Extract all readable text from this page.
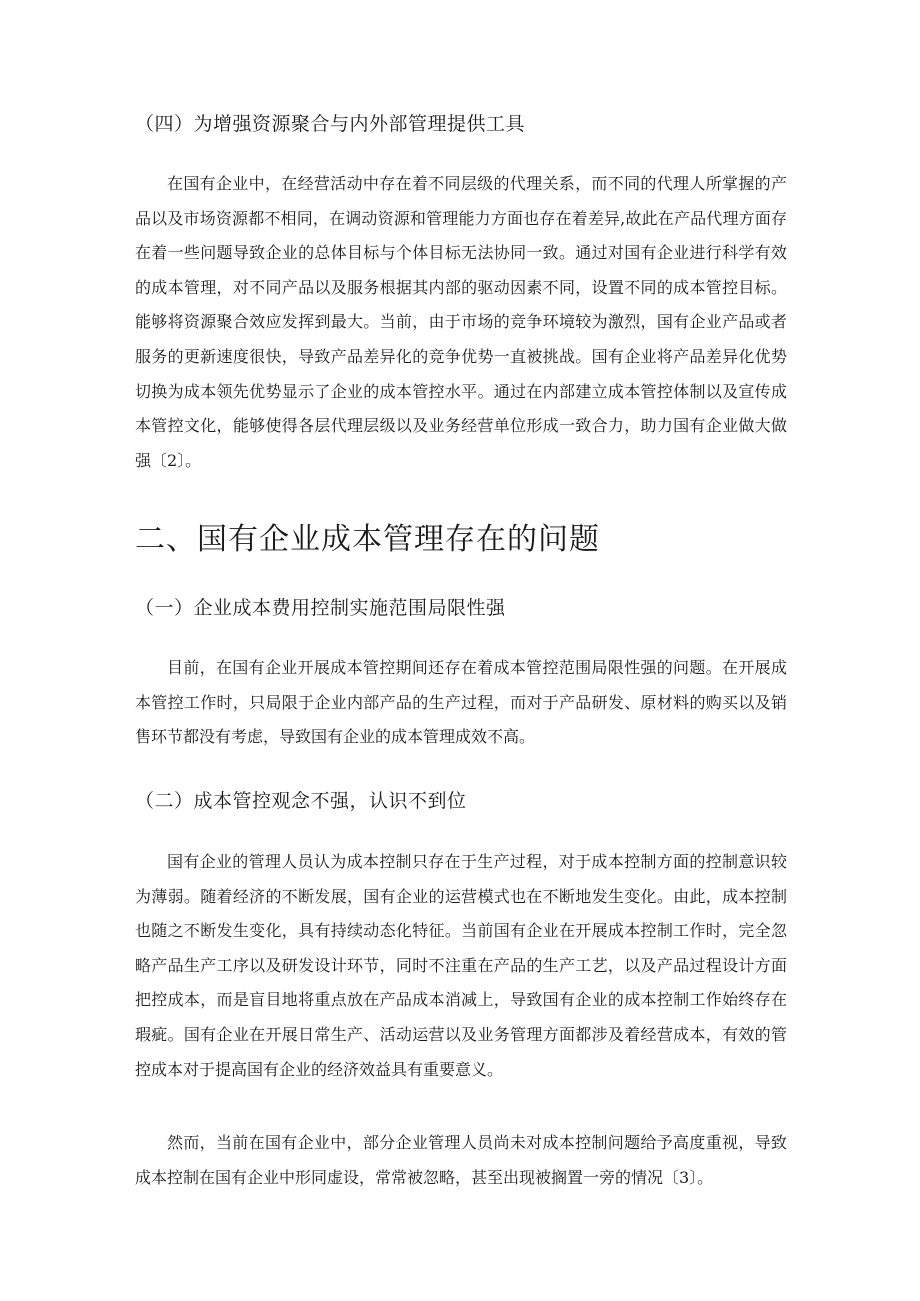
（四）为增强资源聚合与内外部管理提供工具

在国有企业中，在经营活动中存在着不同层级的代理关系，而不同的代理人所掌握的产品以及市场资源都不相同，在调动资源和管理能力方面也存在着差异,故此在产品代理方面存在着一些问题导致企业的总体目标与个体目标无法协同一致。通过对国有企业进行科学有效的成本管理，对不同产品以及服务根据其内部的驱动因素不同，设置不同的成本管控目标。能够将资源聚合效应发挥到最大。当前，由于市场的竞争环境较为激烈，国有企业产品或者服务的更新速度很快，导致产品差异化的竞争优势一直被挑战。国有企业将产品差异化优势切换为成本领先优势显示了企业的成本管控水平。通过在内部建立成本管控体制以及宣传成本管控文化，能够使得各层代理层级以及业务经营单位形成一致合力，助力国有企业做大做强〔2〕。

二、国有企业成本管理存在的问题
（一）企业成本费用控制实施范围局限性强

目前，在国有企业开展成本管控期间还存在着成本管控范围局限性强的问题。在开展成本管控工作时，只局限于企业内部产品的生产过程，而对于产品研发、原材料的购买以及销售环节都没有考虑，导致国有企业的成本管理成效不高。

（二）成本管控观念不强，认识不到位

国有企业的管理人员认为成本控制只存在于生产过程，对于成本控制方面的控制意识较为薄弱。随着经济的不断发展，国有企业的运营模式也在不断地发生变化。由此，成本控制也随之不断发生变化，具有持续动态化特征。当前国有企业在开展成本控制工作时，完全忽略产品生产工序以及研发设计环节，同时不注重在产品的生产工艺，以及产品过程设计方面把控成本，而是盲目地将重点放在产品成本消减上，导致国有企业的成本控制工作始终存在瑕疵。国有企业在开展日常生产、活动运营以及业务管理方面都涉及着经营成本，有效的管控成本对于提高国有企业的经济效益具有重要意义。

然而，当前在国有企业中，部分企业管理人员尚未对成本控制问题给予高度重视，导致成本控制在国有企业中形同虚设，常常被忽略，甚至出现被搁置一旁的情况〔3〕。
